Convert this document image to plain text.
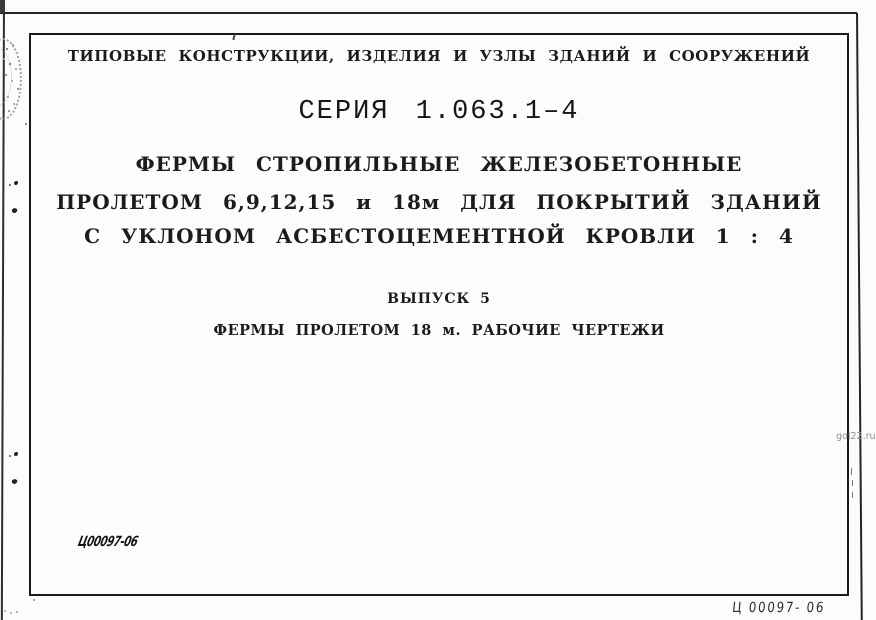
ТИПОВЫЕ КОНСТРУКЦИИ, ИЗДЕЛИЯ И УЗЛЫ ЗДАНИЙ И СООРУЖЕНИЙ
СЕРИЯ 1.063.1–4
ФЕРМЫ СТРОПИЛЬНЫЕ ЖЕЛЕЗОБЕТОННЫЕ
ПРОЛЕТОМ 6,9,12,15 и 18м ДЛЯ ПОКРЫТИЙ ЗДАНИЙ
С УКЛОНОМ АСБЕСТОЦЕМЕНТНОЙ КРОВЛИ 1 : 4
ВЫПУСК 5
ФЕРМЫ ПРОЛЕТОМ 18 м. РАБОЧИЕ ЧЕРТЕЖИ
Ц00097-06
Ц 00097- 06
gol22.ru
